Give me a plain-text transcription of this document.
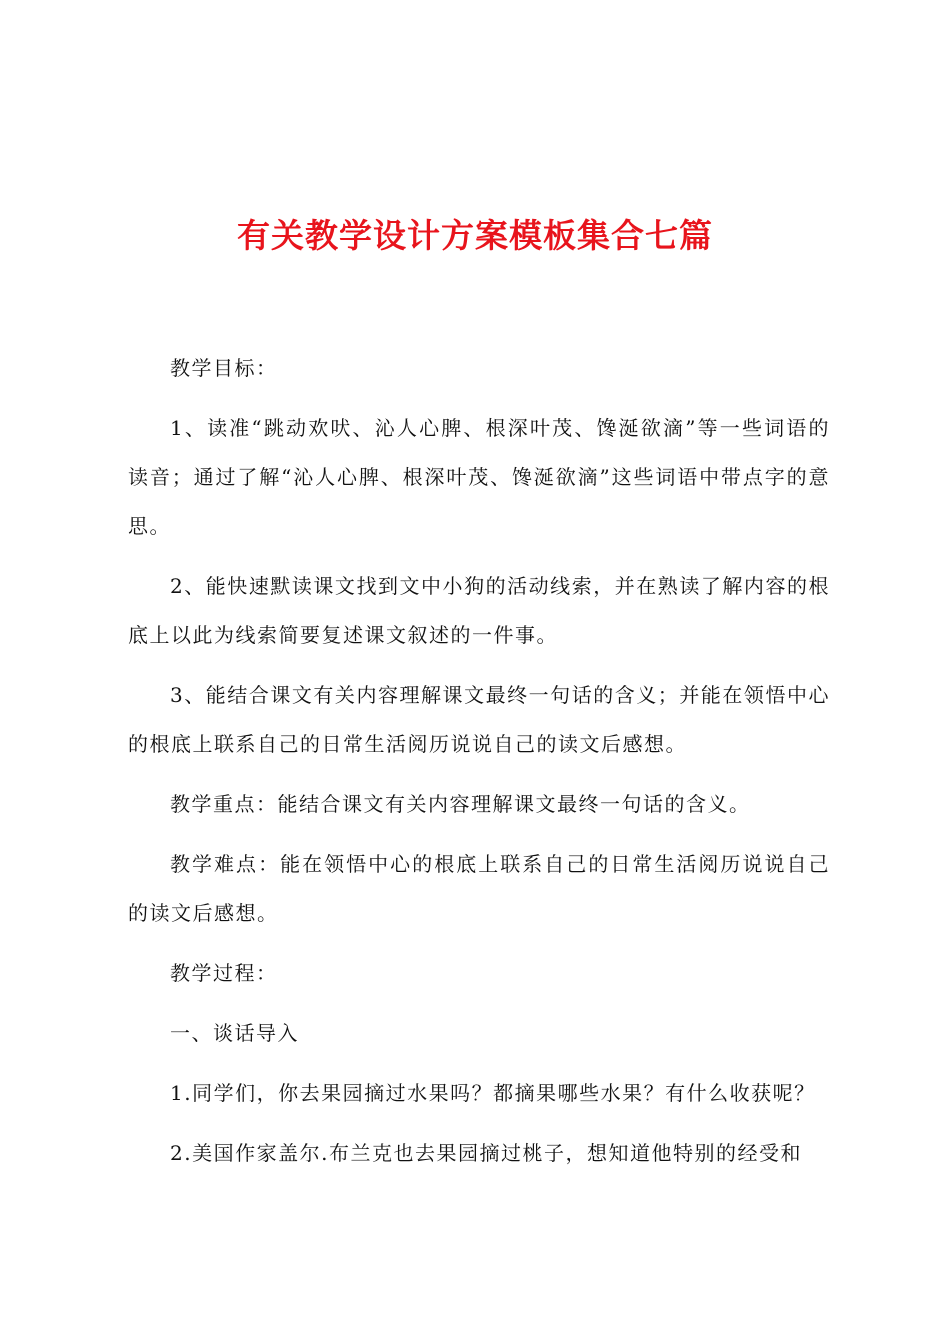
有关教学设计方案模板集合七篇

教学目标：

1、读准“跳动欢吠、沁人心脾、根深叶茂、馋涎欲滴”等一些词语的读音；通过了解“沁人心脾、根深叶茂、馋涎欲滴”这些词语中带点字的意思。

2、能快速默读课文找到文中小狗的活动线索，并在熟读了解内容的根底上以此为线索简要复述课文叙述的一件事。

3、能结合课文有关内容理解课文最终一句话的含义；并能在领悟中心的根底上联系自己的日常生活阅历说说自己的读文后感想。

教学重点：能结合课文有关内容理解课文最终一句话的含义。

教学难点：能在领悟中心的根底上联系自己的日常生活阅历说说自己的读文后感想。

教学过程：

一、谈话导入

1.同学们，你去果园摘过水果吗？都摘果哪些水果？有什么收获呢？

2.美国作家盖尔.布兰克也去果园摘过桃子，想知道他特别的经受和
